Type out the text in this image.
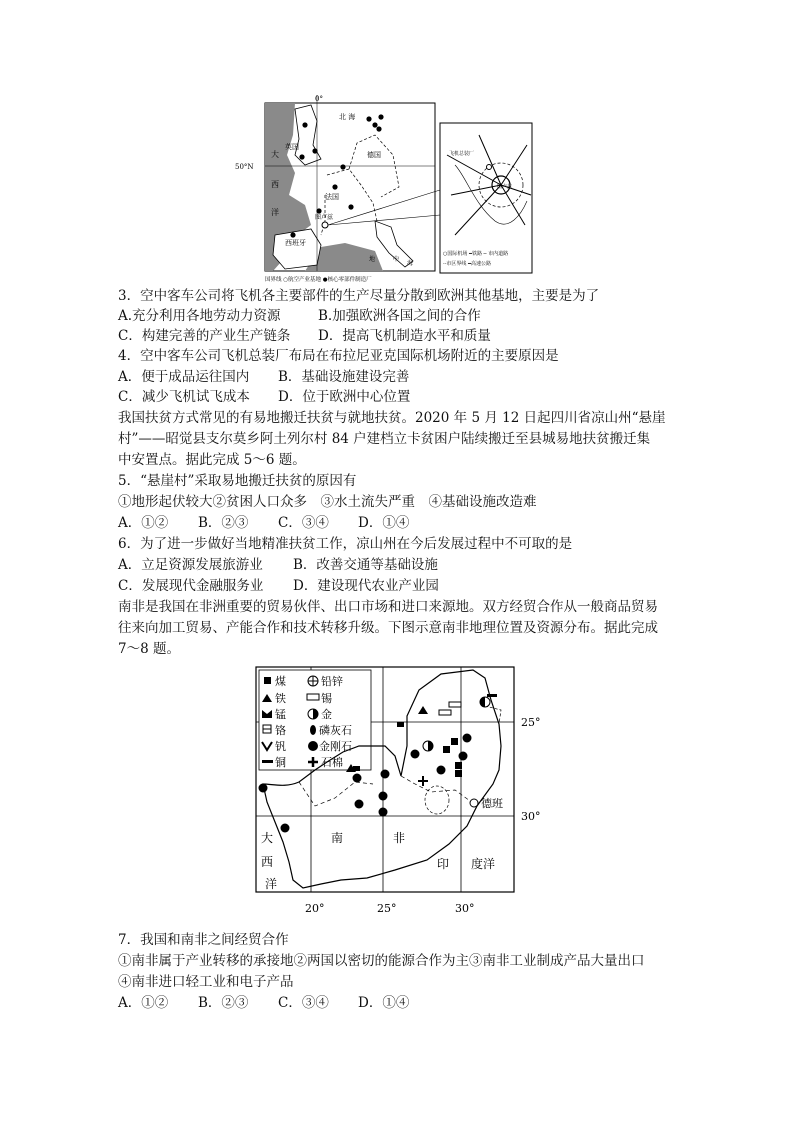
0°
50°N
北 海
大
西
洋
英国
德国
法国
西班牙
图卢兹
地	中
海
国界线 ○航空产业基地 ●核心零部件制造厂
飞机总装厂
图卢兹
○国际机场 ━铁路 ─ 市内道路
--市区界线 ━高速公路
3．空中客车公司将飞机各主要部件的生产尽量分散到欧洲其他基地，主要是为了
A.充分利用各地劳动力资源	B.加强欧洲各国之间的合作
C．构建完善的产业生产链条 D．提高飞机制造水平和质量
4．空中客车公司飞机总装厂布局在布拉尼亚克国际机场附近的主要原因是
A．便于成品运往国内 B．基础设施建设完善
C．减少飞机试飞成本 D．位于欧洲中心位置
我国扶贫方式常见的有易地搬迁扶贫与就地扶贫。2020 年 5 月 12 日起四川省凉山州“悬崖
村”——昭觉县支尔莫乡阿土列尔村 84 户建档立卡贫困户陆续搬迁至县城易地扶贫搬迁集
中安置点。据此完成 5～6 题。
5．“悬崖村”采取易地搬迁扶贫的原因有
①地形起伏较大②贫困人口众多　③水土流失严重　④基础设施改造难
A．①② B．②③ C．③④ D．①④
6．为了进一步做好当地精准扶贫工作，凉山州在今后发展过程中不可取的是
A．立足资源发展旅游业 B．改善交通等基础设施
C．发展现代金融服务业 D．建设现代农业产业园
南非是我国在非洲重要的贸易伙伴、出口市场和进口来源地。双方经贸合作从一般商品贸易
往来向加工贸易、产能合作和技术转移升级。下图示意南非地理位置及资源分布。据此完成
7～8 题。
德班
南	非
印 度洋
大
西
洋
25°
30°
20°	25°	30°
煤
铁
锰
铬
钒
铜
铅锌
锡
金
磷灰石
金刚石
石棉
7．我国和南非之间经贸合作
①南非属于产业转移的承接地②两国以密切的能源合作为主③南非工业制成产品大量出口
④南非进口轻工业和电子产品
A．①② B．②③ C．③④ D．①④
